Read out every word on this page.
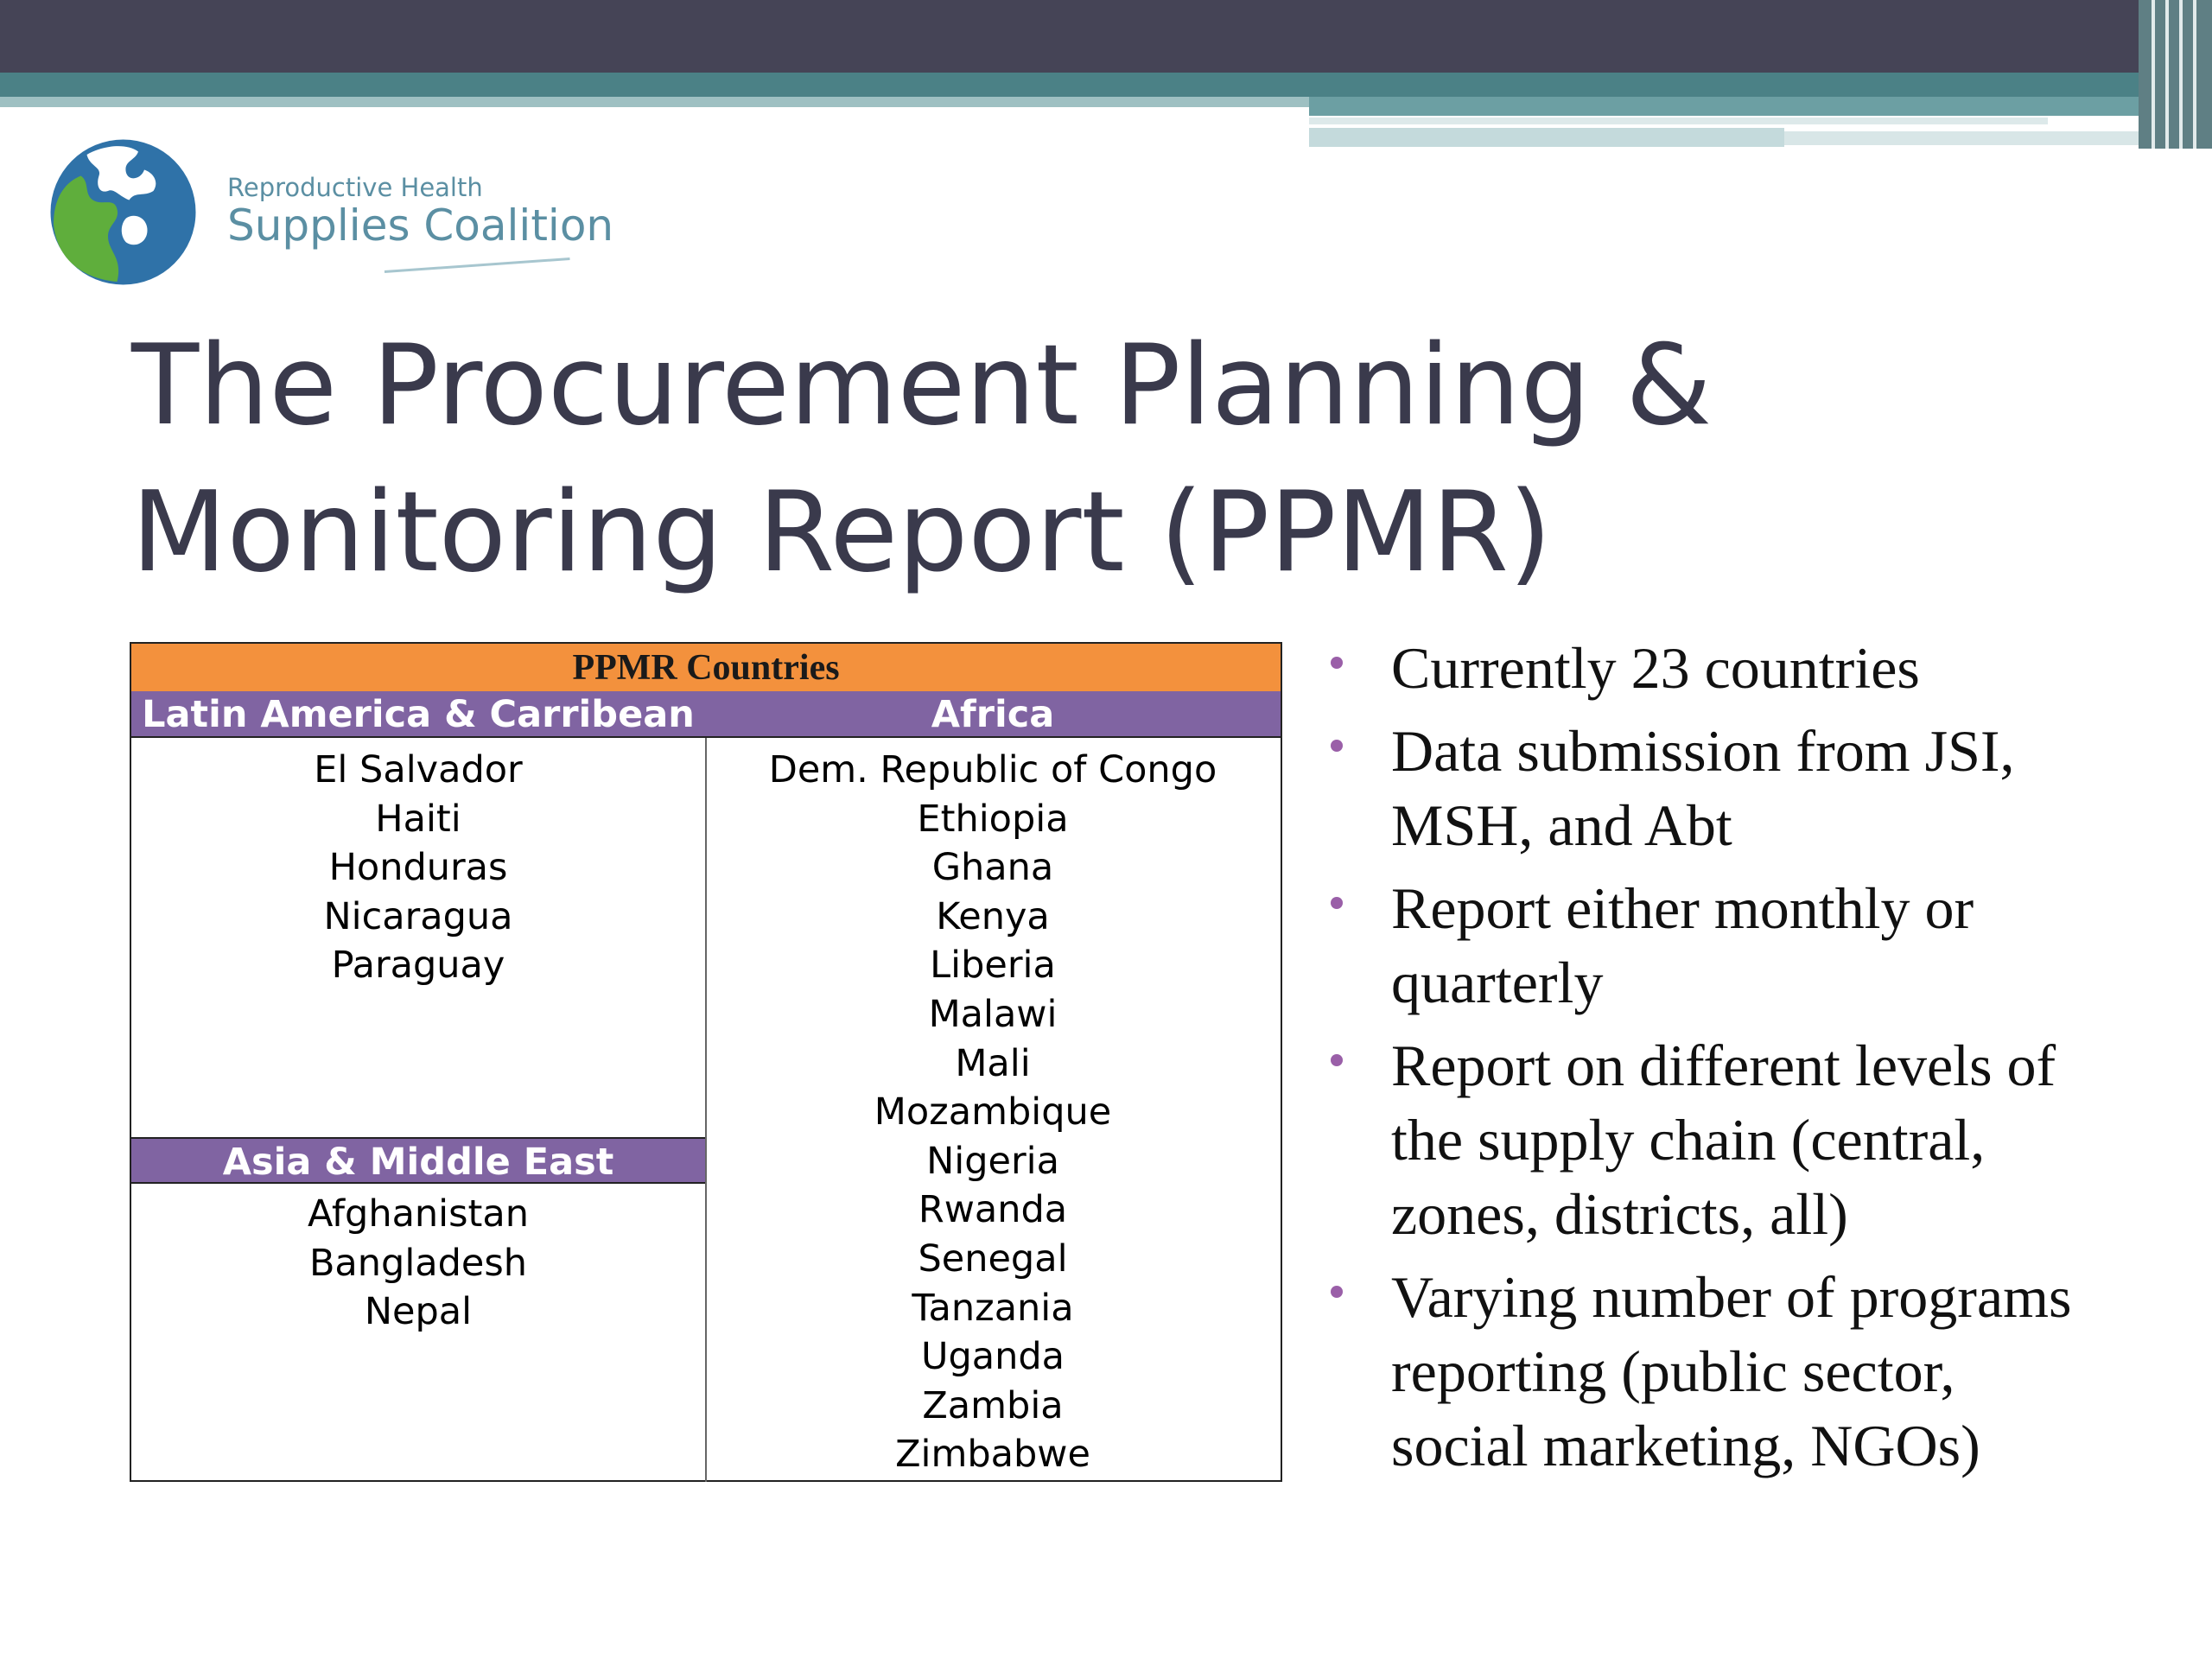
Reproductive Health
Supplies Coalition
The Procurement Planning &
Monitoring Report (PPMR)
PPMR Countries
Latin America & Carribean	Africa
Asia & Middle East
El Salvador
Haiti
Honduras
Nicaragua
Paraguay
Afghanistan
Bangladesh
Nepal
Dem. Republic of Congo
Ethiopia
Ghana
Kenya
Liberia
Malawi
Mali
Mozambique
Nigeria
Rwanda
Senegal
Tanzania
Uganda
Zambia
Zimbabwe
Currently 23 countries
Data submission from JSI,
MSH, and Abt
Report either monthly or
quarterly
Report on different levels of
the supply chain (central,
zones, districts, all)
Varying number of programs
reporting (public sector,
social marketing, NGOs)
